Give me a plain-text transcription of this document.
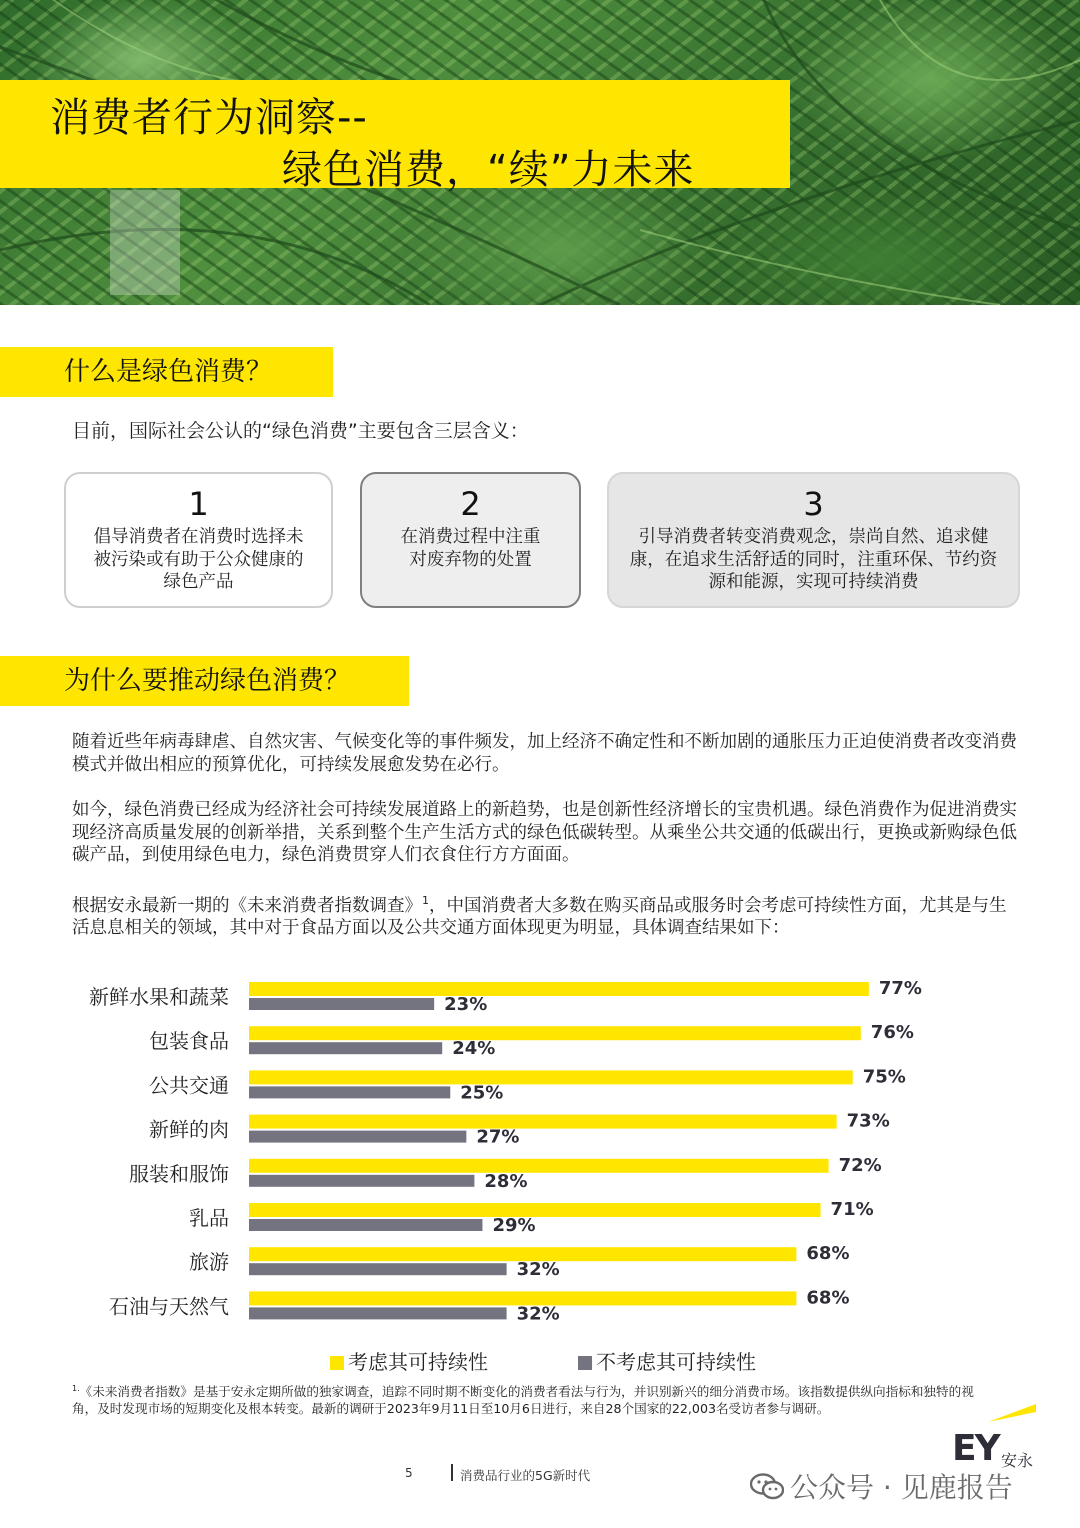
消费者行为洞察--
绿色消费，“续”力未来
什么是绿色消费？
目前，国际社会公认的“绿色消费”主要包含三层含义：
1
倡导消费者在消费时选择未被污染或有助于公众健康的绿色产品
2
在消费过程中注重对废弃物的处置
3
引导消费者转变消费观念，崇尚自然、追求健康，在追求生活舒适的同时，注重环保、节约资源和能源，实现可持续消费
为什么要推动绿色消费？
随着近些年病毒肆虐、自然灾害、气候变化等的事件频发，加上经济不确定性和不断加剧的通胀压力正迫使消费者改变消费模式并做出相应的预算优化，可持续发展愈发势在必行。
如今，绿色消费已经成为经济社会可持续发展道路上的新趋势，也是创新性经济增长的宝贵机遇。绿色消费作为促进消费实现经济高质量发展的创新举措，关系到整个生产生活方式的绿色低碳转型。从乘坐公共交通的低碳出行，更换或新购绿色低碳产品，到使用绿色电力，绿色消费贯穿人们衣食住行方方面面。
根据安永最新一期的《未来消费者指数调查》$^1$，中国消费者大多数在购买商品或服务时会考虑可持续性方面，尤其是与生活息息相关的领域，其中对于食品方面以及公共交通方面体现更为明显，具体调查结果如下：
新鲜水果和蔬菜	77%
23%
包装食品	76%
24%
公共交通	75%
25%
新鲜的肉	73%
27%
服装和服饰	72%
28%
乳品	71%
29%
旅游	68%
32%
石油与天然气	68%
32%
考虑其可持续性	不考虑其可持续性
$^{1.}$《未来消费者指数》是基于安永定期所做的独家调查，追踪不同时期不断变化的消费者看法与行为，并识别新兴的细分消费市场。该指数提供纵向指标和独特的视角，及时发现市场的短期变化及根本转变。最新的调研于2023年9月11日至10月6日进行，来自28个国家的22,003名受访者参与调研。
5	消费品行业的5G新时代
EY 安永
公众号 · 见鹿报告
